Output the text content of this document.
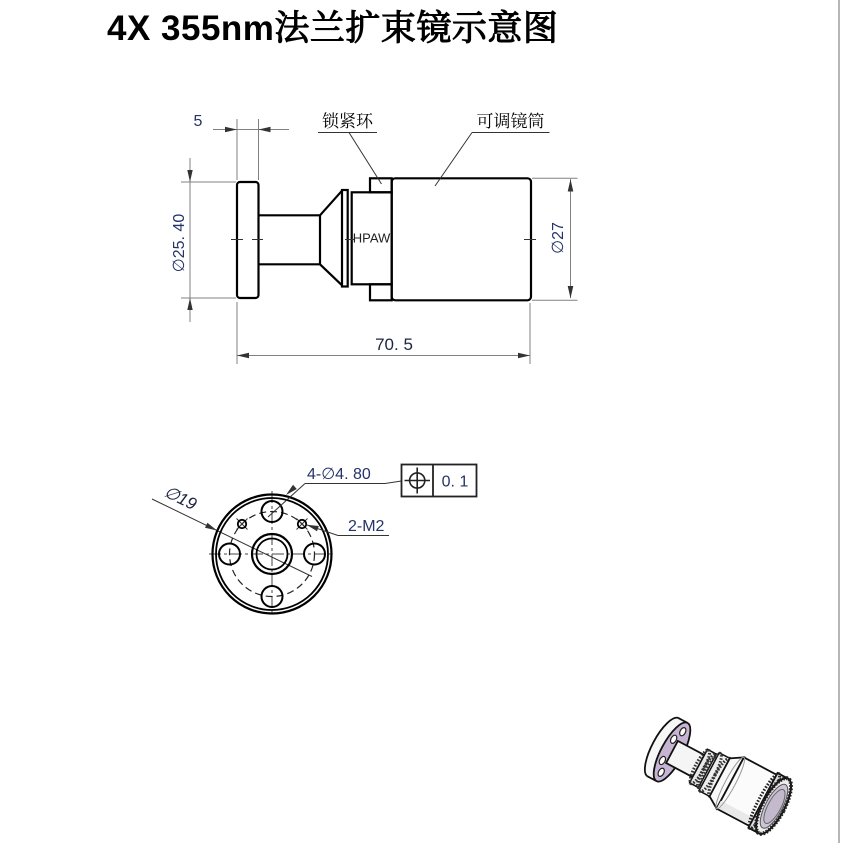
5
∅25. 40	∅27
70. 5
锁紧环	可调镜筒
HPAW
∅19
4-∅4. 80	0. 1
2-M2
4X 355nm法兰扩束镜示意图
